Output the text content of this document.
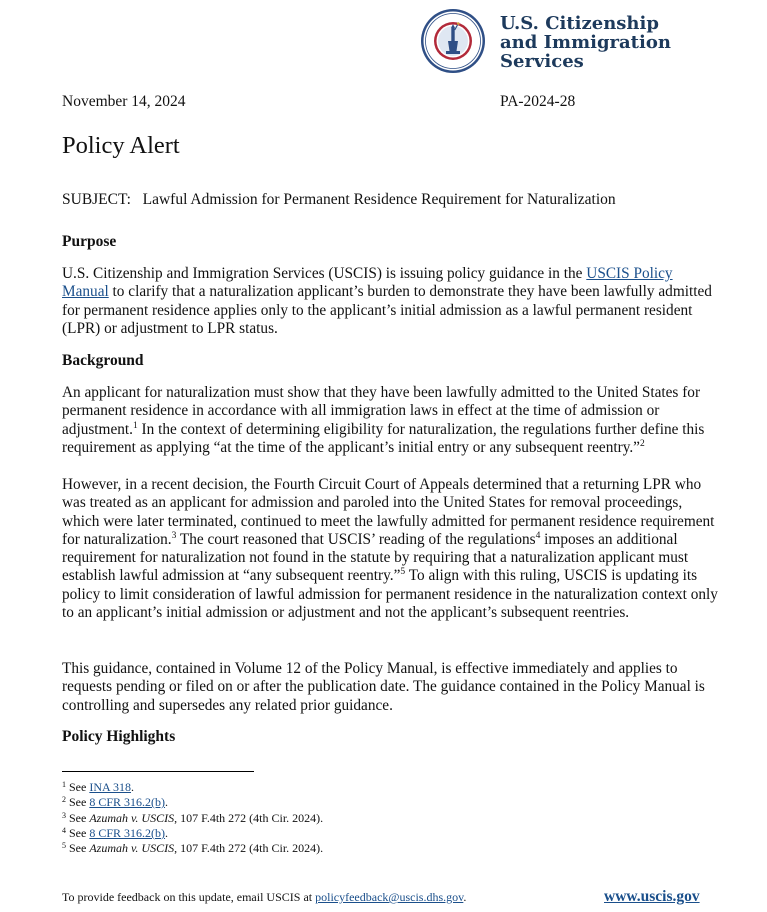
U.S. Citizenship
and Immigration
Services
November 14, 2024	PA-2024-28
Policy Alert
SUBJECT: Lawful Admission for Permanent Residence Requirement for Naturalization
Purpose

U.S. Citizenship and Immigration Services (USCIS) is issuing policy guidance in the USCIS Policy Manual to clarify that a naturalization applicant’s burden to demonstrate they have been lawfully admitted for permanent residence applies only to the applicant’s initial admission as a lawful permanent resident (LPR) or adjustment to LPR status.

Background

An applicant for naturalization must show that they have been lawfully admitted to the United States for permanent residence in accordance with all immigration laws in effect at the time of admission or adjustment.$^1$ In the context of determining eligibility for naturalization, the regulations further define this requirement as applying “at the time of the applicant’s initial entry or any subsequent reentry.”$^2$

However, in a recent decision, the Fourth Circuit Court of Appeals determined that a returning LPR who was treated as an applicant for admission and paroled into the United States for removal proceedings, which were later terminated, continued to meet the lawfully admitted for permanent residence requirement for naturalization.$^3$ The court reasoned that USCIS’ reading of the regulations$^4$ imposes an additional requirement for naturalization not found in the statute by requiring that a naturalization applicant must establish lawful admission at “any subsequent reentry.”$^5$ To align with this ruling, USCIS is updating its policy to limit consideration of lawful admission for permanent residence in the naturalization context only to an applicant’s initial admission or adjustment and not the applicant’s subsequent reentries.

This guidance, contained in Volume 12 of the Policy Manual, is effective immediately and applies to requests pending or filed on or after the publication date. The guidance contained in the Policy Manual is controlling and supersedes any related prior guidance.

Policy Highlights
$^1$ See INA 318.
$^2$ See 8 CFR 316.2(b).
$^3$ See Azumah v. USCIS, 107 F.4th 272 (4th Cir. 2024).
$^4$ See 8 CFR 316.2(b).
$^5$ See Azumah v. USCIS, 107 F.4th 272 (4th Cir. 2024).
To provide feedback on this update, email USCIS at policyfeedback@uscis.dhs.gov.	www.uscis.gov
